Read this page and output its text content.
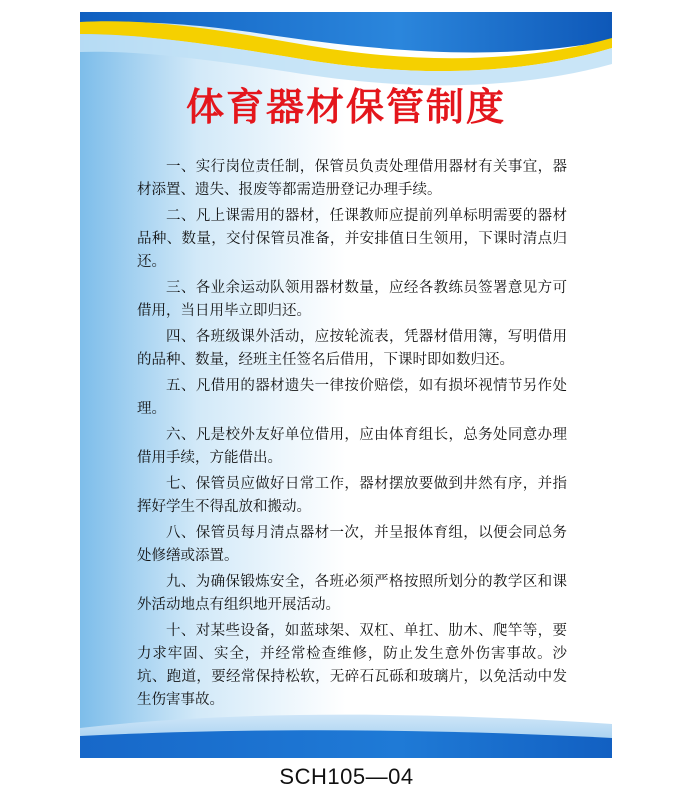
体育器材保管制度
一、实行岗位责任制，保管员负责处理借用器材有关事宜，器材添置、遗失、报废等都需造册登记办理手续。
二、凡上课需用的器材，任课教师应提前列单标明需要的器材品种、数量，交付保管员准备，并安排值日生领用，下课时清点归还。
三、各业余运动队领用器材数量，应经各教练员签署意见方可借用，当日用毕立即归还。
四、各班级课外活动，应按轮流表，凭器材借用簿，写明借用的品种、数量，经班主任签名后借用，下课时即如数归还。
五、凡借用的器材遗失一律按价赔偿，如有损坏视情节另作处理。
六、凡是校外友好单位借用，应由体育组长，总务处同意办理借用手续，方能借出。
七、保管员应做好日常工作，器材摆放要做到井然有序，并指挥好学生不得乱放和搬动。
八、保管员每月清点器材一次，并呈报体育组，以便会同总务处修缮或添置。
九、为确保锻炼安全，各班必须严格按照所划分的教学区和课外活动地点有组织地开展活动。
十、对某些设备，如蓝球架、双杠、单扛、肋木、爬竿等，要力求牢固、实全，并经常检查维修，防止发生意外伤害事故。沙坑、跑道，要经常保持松软，无碎石瓦砾和玻璃片，以免活动中发生伤害事故。
SCH105—04
